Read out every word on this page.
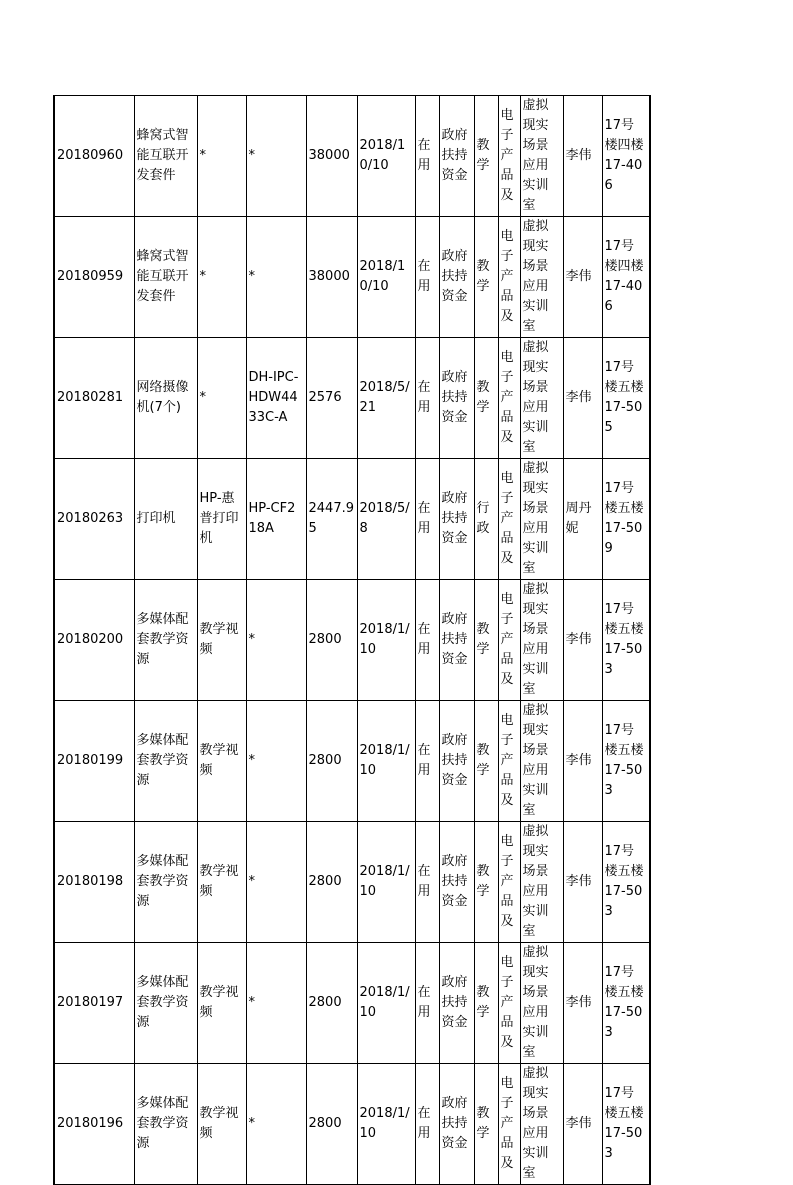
20180960	蜂窝式智能互联开发套件	*	*	38000	2018/10/10	在用	政府扶持资金	教学	电子产品及	虚拟现实场景应用实训室	李伟	17号楼四楼17-406
20180959	蜂窝式智能互联开发套件	*	*	38000	2018/10/10	在用	政府扶持资金	教学	电子产品及	虚拟现实场景应用实训室	李伟	17号楼四楼17-406
20180281	网络摄像机(7个)	*	DH-IPC-HDW4433C-A	2576	2018/5/21	在用	政府扶持资金	教学	电子产品及	虚拟现实场景应用实训室	李伟	17号楼五楼17-505
20180263	打印机	HP-惠普打印机	HP-CF218A	2447.95	2018/5/8	在用	政府扶持资金	行政	电子产品及	虚拟现实场景应用实训室	周丹妮	17号楼五楼17-509
20180200	多媒体配套教学资源	教学视频	*	2800	2018/1/10	在用	政府扶持资金	教学	电子产品及	虚拟现实场景应用实训室	李伟	17号楼五楼17-503
20180199	多媒体配套教学资源	教学视频	*	2800	2018/1/10	在用	政府扶持资金	教学	电子产品及	虚拟现实场景应用实训室	李伟	17号楼五楼17-503
20180198	多媒体配套教学资源	教学视频	*	2800	2018/1/10	在用	政府扶持资金	教学	电子产品及	虚拟现实场景应用实训室	李伟	17号楼五楼17-503
20180197	多媒体配套教学资源	教学视频	*	2800	2018/1/10	在用	政府扶持资金	教学	电子产品及	虚拟现实场景应用实训室	李伟	17号楼五楼17-503
20180196	多媒体配套教学资源	教学视频	*	2800	2018/1/10	在用	政府扶持资金	教学	电子产品及	虚拟现实场景应用实训室	李伟	17号楼五楼17-503
